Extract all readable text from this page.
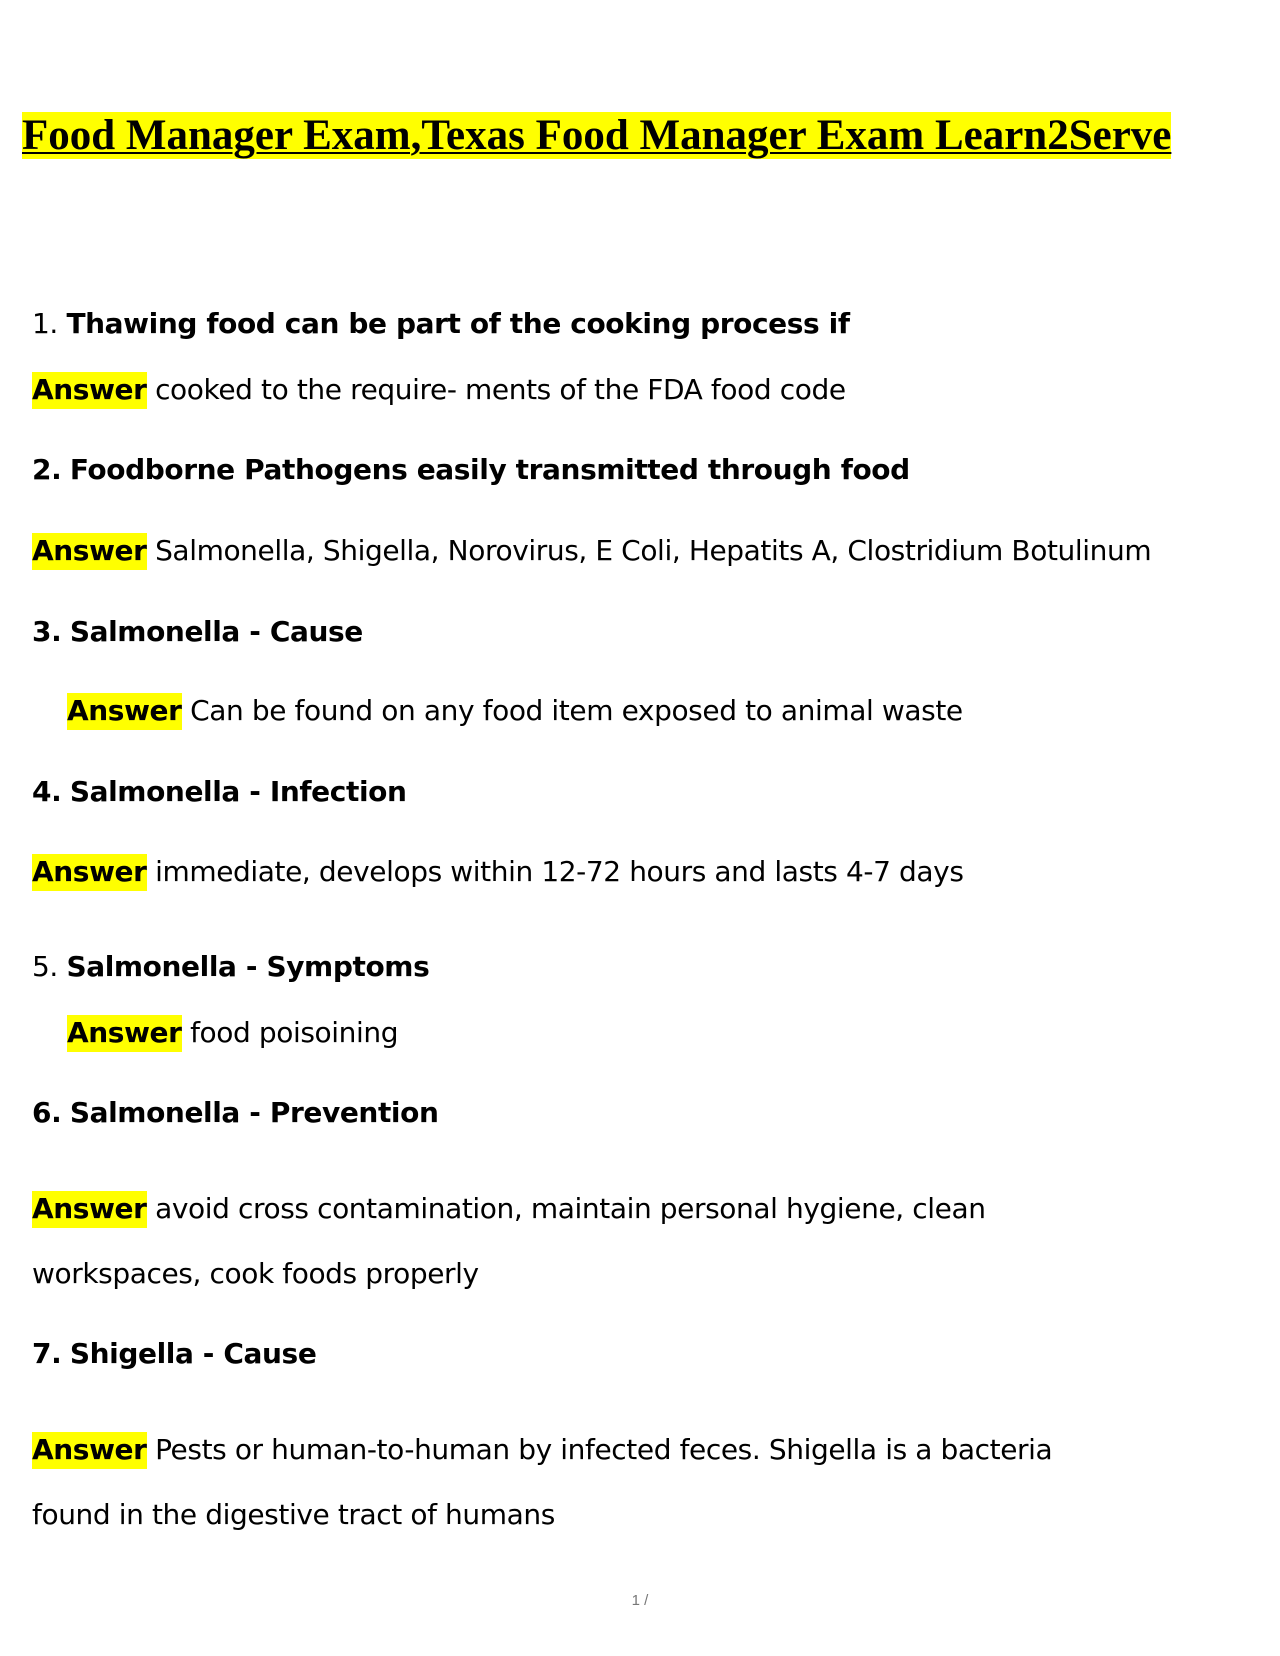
Food Manager Exam,Texas Food Manager Exam Learn2Serve

1. Thawing food can be part of the cooking process if

Answer cooked to the require- ments of the FDA food code

2. Foodborne Pathogens easily transmitted through food

Answer Salmonella, Shigella, Norovirus, E Coli, Hepatits A, Clostridium Botulinum

3. Salmonella - Cause

Answer Can be found on any food item exposed to animal waste

4. Salmonella - Infection

Answer immediate, develops within 12-72 hours and lasts 4-7 days

5. Salmonella - Symptoms

Answer food poisoining

6. Salmonella - Prevention

Answer avoid cross contamination, maintain personal hygiene, clean

workspaces, cook foods properly

7. Shigella - Cause

Answer Pests or human-to-human by infected feces. Shigella is a bacteria

found in the digestive tract of humans

1 /
